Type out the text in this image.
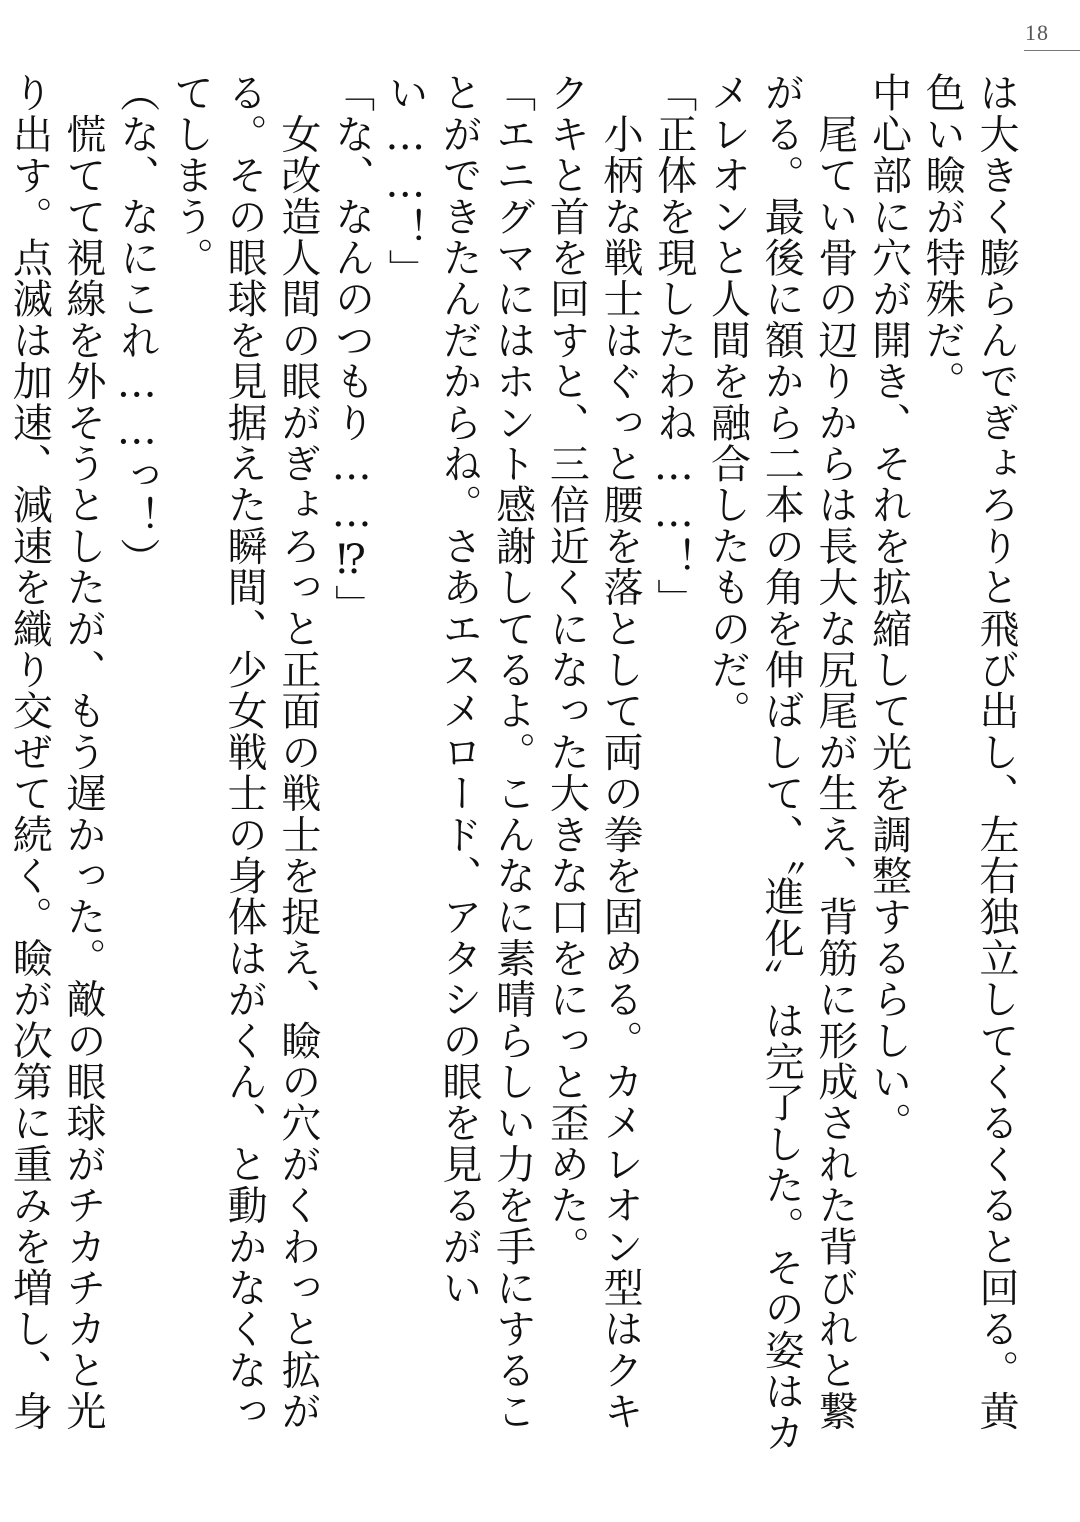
18

は大きく膨らんでぎょろりと飛び出し、左右独立してくるくると回る。黄色い瞼が特殊だ。

中心部に穴が開き、それを拡縮して光を調整するらしい。

　尾てい骨の辺りからは長大な尻尾が生え、背筋に形成された背びれと繋がる。最後に額から二本の角を伸ばして、〝進化〟は完了した。その姿はカメレオンと人間を融合したものだ。

「正体を現したわね……！」

　小柄な戦士はぐっと腰を落として両の拳を固める。カメレオン型はクキクキと首を回すと、三倍近くになった大きな口をにっと歪めた。

「エニグマにはホント感謝してるよ。こんなに素晴らしい力を手にすることができたんだからね。さあエスメロード、アタシの眼を見るがいい……！」

「な、なんのつもり……⁉」

　女改造人間の眼がぎょろっと正面の戦士を捉え、瞼の穴がくわっと拡がる。その眼球を見据えた瞬間、少女戦士の身体はがくん、と動かなくなってしまう。

（な、なにこれ……っ！）

　慌てて視線を外そうとしたが、もう遅かった。敵の眼球がチカチカと光り出す。点滅は加速、減速を織り交ぜて続く。瞼が次第に重みを増し、身
